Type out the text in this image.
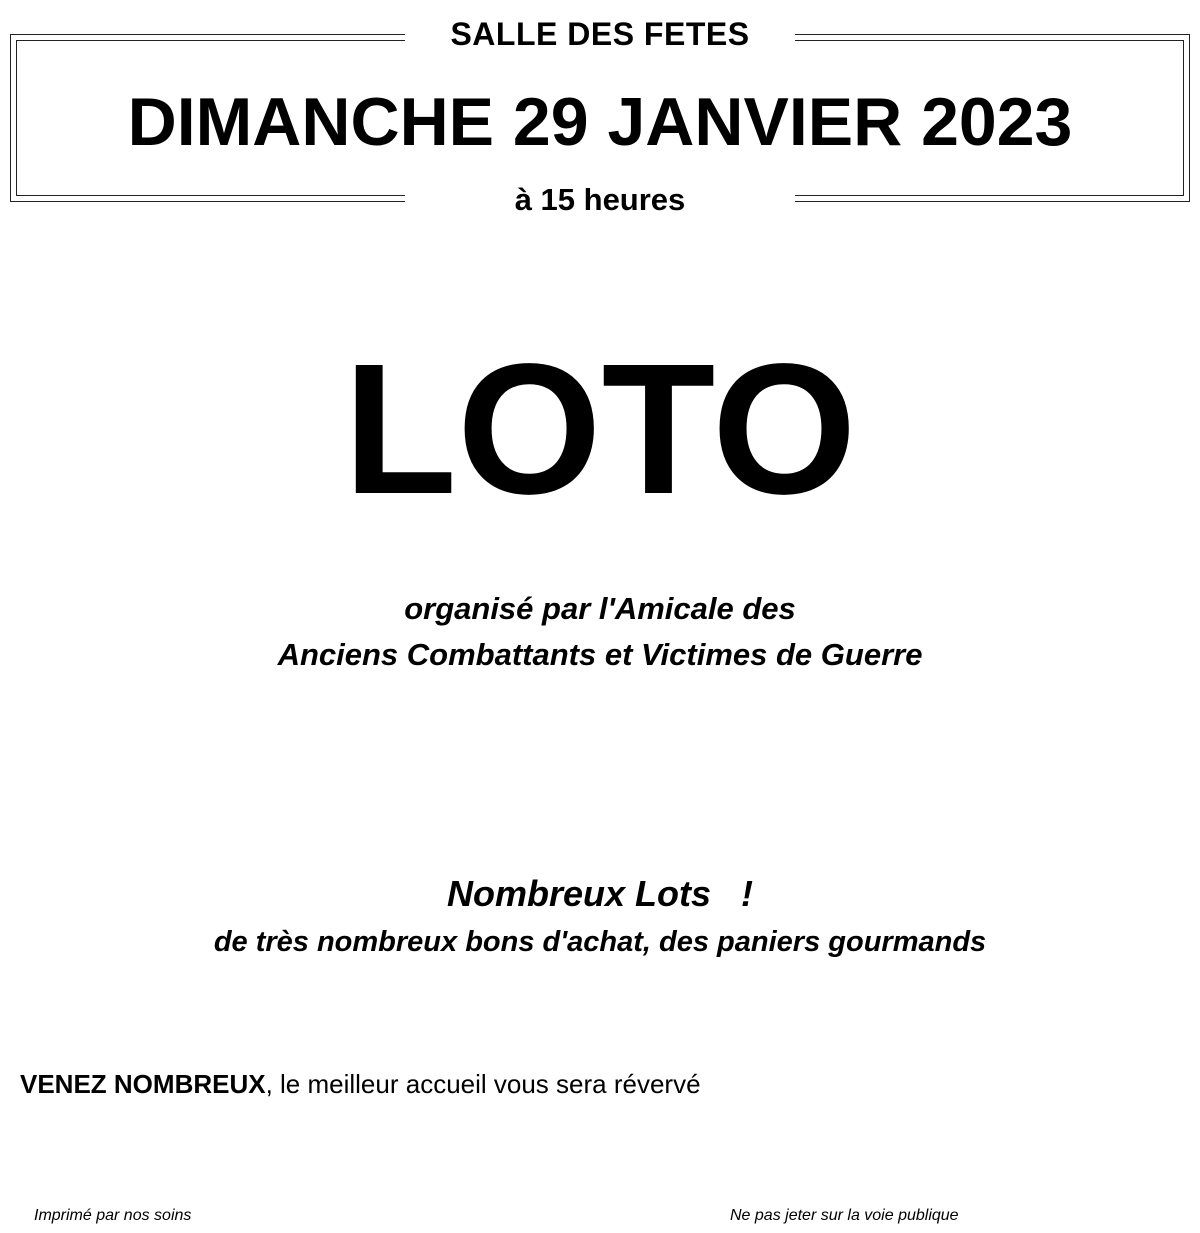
SALLE DES FETES
DIMANCHE 29 JANVIER 2023
à 15 heures
LOTO
organisé par l'Amicale des
Anciens Combattants et Victimes de Guerre
Nombreux Lots   !
de très nombreux bons d'achat, des paniers gourmands
VENEZ NOMBREUX, le meilleur accueil vous sera révervé
Imprimé par nos soins	Ne pas jeter sur la voie publique
